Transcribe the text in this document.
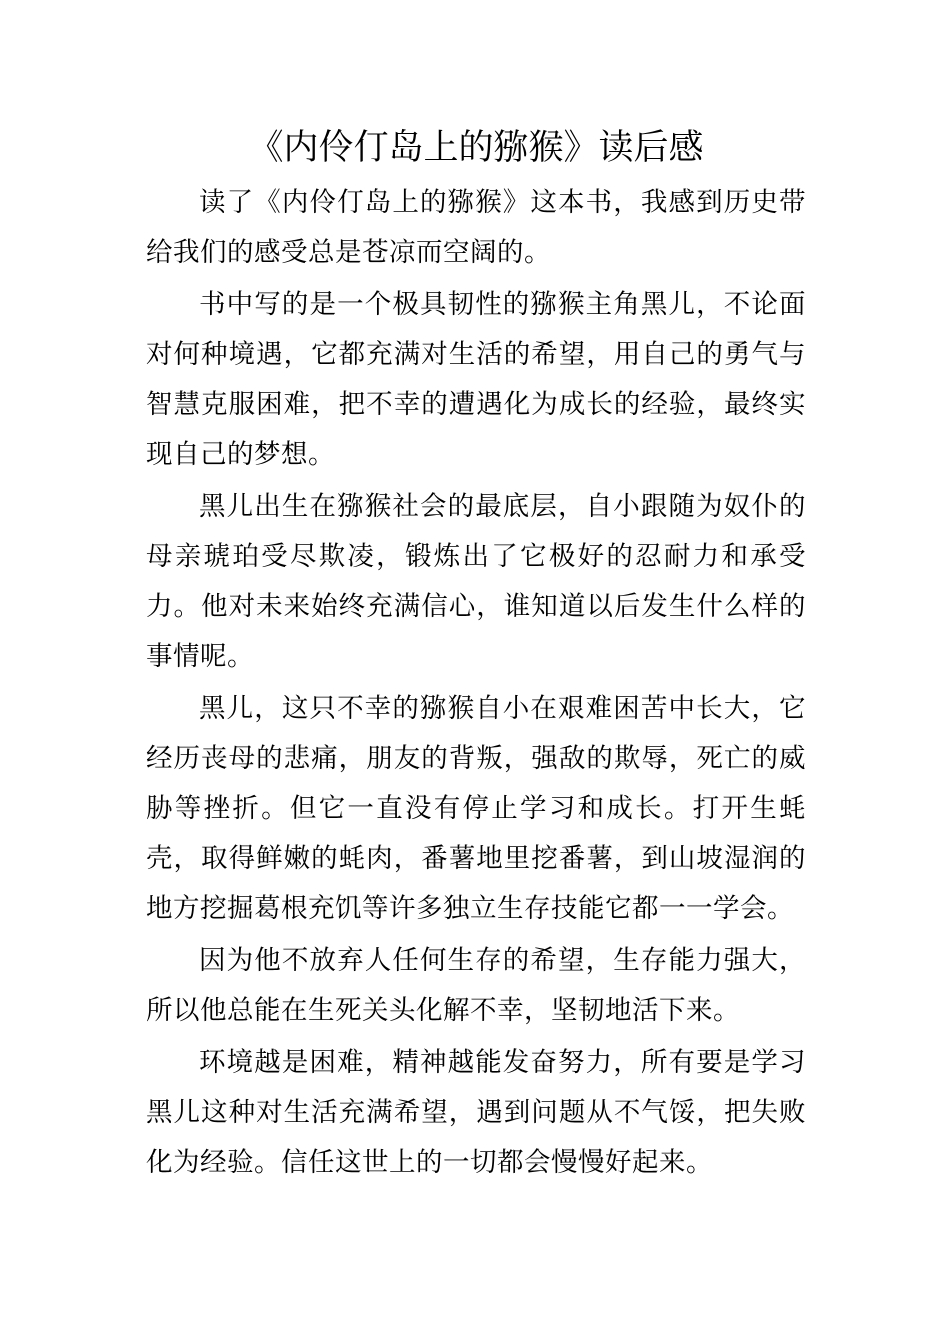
《内伶仃岛上的猕猴》读后感

读了《内伶仃岛上的猕猴》这本书，我感到历史带给我们的感受总是苍凉而空阔的。

书中写的是一个极具韧性的猕猴主角黑儿，不论面对何种境遇，它都充满对生活的希望，用自己的勇气与智慧克服困难，把不幸的遭遇化为成长的经验，最终实现自己的梦想。

黑儿出生在猕猴社会的最底层，自小跟随为奴仆的母亲琥珀受尽欺凌，锻炼出了它极好的忍耐力和承受力。他对未来始终充满信心，谁知道以后发生什么样的事情呢。

黑儿，这只不幸的猕猴自小在艰难困苦中长大，它经历丧母的悲痛，朋友的背叛，强敌的欺辱，死亡的威胁等挫折。但它一直没有停止学习和成长。打开生蚝壳，取得鲜嫩的蚝肉，番薯地里挖番薯，到山坡湿润的地方挖掘葛根充饥等许多独立生存技能它都一一学会。

因为他不放弃人任何生存的希望，生存能力强大，所以他总能在生死关头化解不幸，坚韧地活下来。

环境越是困难，精神越能发奋努力，所有要是学习黑儿这种对生活充满希望，遇到问题从不气馁，把失败化为经验。信任这世上的一切都会慢慢好起来。
